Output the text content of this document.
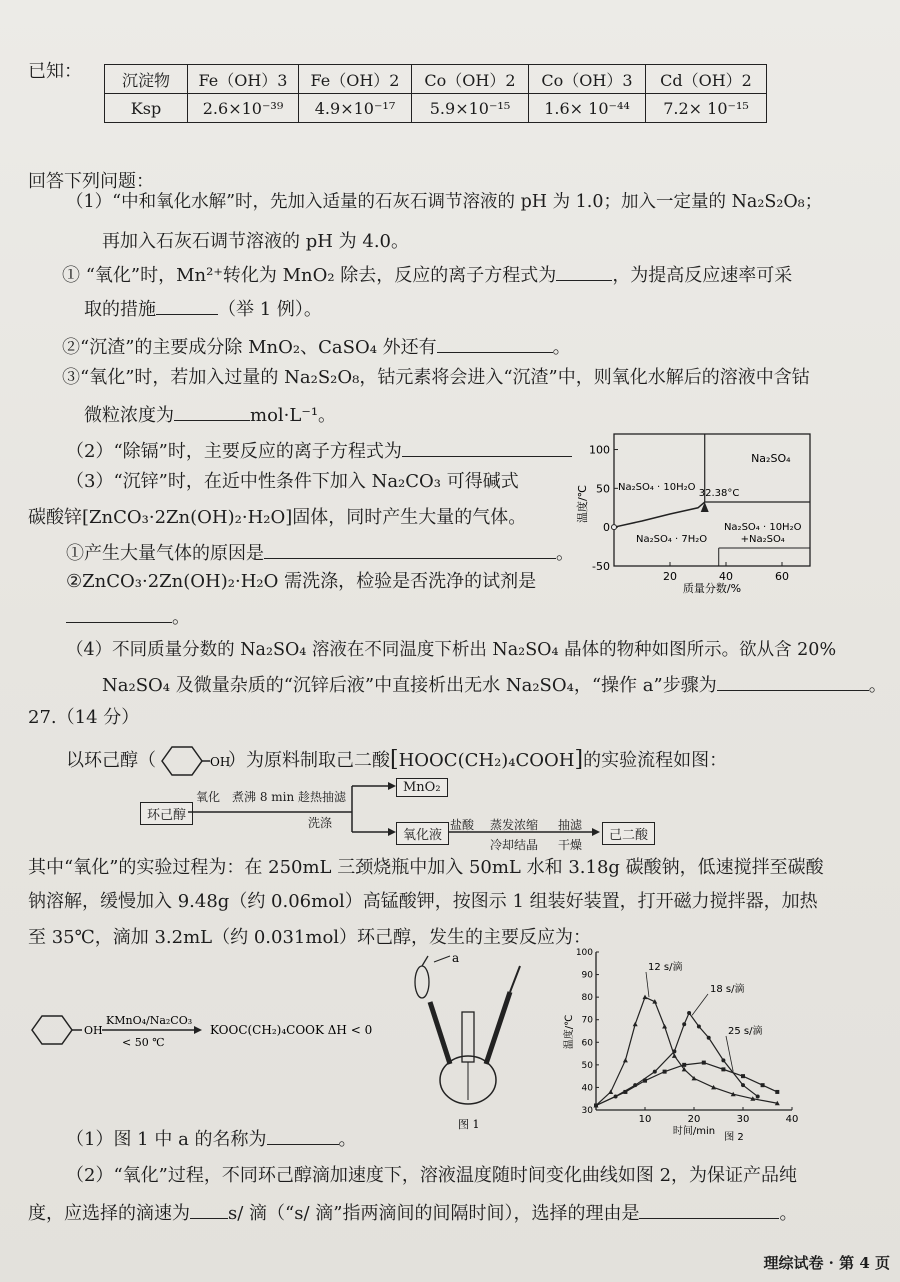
已知： 沉淀物	Fe（OH）3	Fe（OH）2	Co（OH）2	Co（OH）3	Cd（OH）2
Ksp	2.6×10⁻³⁹	4.9×10⁻¹⁷	5.9×10⁻¹⁵	1.6× 10⁻⁴⁴	7.2× 10⁻¹⁵
回答下列问题：
（1）“中和氧化水解”时，先加入适量的石灰石调节溶液的 pH 为 1.0；加入一定量的 Na₂S₂O₈；
再加入石灰石调节溶液的 pH 为 4.0。
① “氧化”时，Mn²⁺转化为 MnO₂ 除去，反应的离子方程式为	，为提高反应速率可采
取的措施	（举 1 例）。
②“沉渣”的主要成分除 MnO₂、CaSO₄ 外还有	。
③“氧化”时，若加入过量的 Na₂S₂O₈，钴元素将会进入“沉渣”中，则氧化水解后的溶液中含钴
微粒浓度为	mol·L⁻¹。
（2）“除镉”时，主要反应的离子方程式为
（3）“沉锌”时，在近中性条件下加入 Na₂CO₃ 可得碱式
碳酸锌[ZnCO₃·2Zn(OH)₂·H₂O]固体，同时产生大量的气体。
①产生大量气体的原因是	。
②ZnCO₃·2Zn(OH)₂·H₂O 需洗涤，检验是否洗净的试剂是
。
20	40	60
-50
0
50
100
Na₂SO₄
Na₂SO₄ · 10H₂O
32.38°C
Na₂SO₄ · 7H₂O
Na₂SO₄ · 10H₂O
+Na₂SO₄
温度/℃
质量分数/%
（4）不同质量分数的 Na₂SO₄ 溶液在不同温度下析出 Na₂SO₄ 晶体的物种如图所示。欲从含 20%
Na₂SO₄ 及微量杂质的“沉锌后液”中直接析出无水 Na₂SO₄，“操作 a”步骤为	。
27.（14 分）
以环己醇（	OH
）为原料制取己二酸[HOOC(CH₂)₄COOH]的实验流程如图：
环己醇
氧化 煮沸 8 min 趁热抽滤
洗涤
MnO₂
氧化液
盐酸 蒸发浓缩
冷却结晶
抽滤
干燥
己二酸
其中“氧化”的实验过程为：在 250mL 三颈烧瓶中加入 50mL 水和 3.18g 碳酸钠，低速搅拌至碳酸
钠溶解，缓慢加入 9.48g（约 0.06mol）高锰酸钾，按图示 1 组装好装置，打开磁力搅拌器，加热
至 35℃，滴加 3.2mL（约 0.031mol）环己醇，发生的主要反应为：
OH
KMnO₄/Na₂CO₃
< 50 ℃
KOOC(CH₂)₄COOK ΔH < 0
a
图 1	10	20	30	40
30
40
50
60
70
80
90
100
12 s/滴
18 s/滴
25 s/滴
温度/℃
时间/min
图 2
（1）图 1 中 a 的名称为	。
（2）“氧化”过程，不同环己醇滴加速度下，溶液温度随时间变化曲线如图 2，为保证产品纯
度，应选择的滴速为 s/ 滴（“s/ 滴”指两滴间的间隔时间），选择的理由是	。
理综试卷 · 第 4 页
